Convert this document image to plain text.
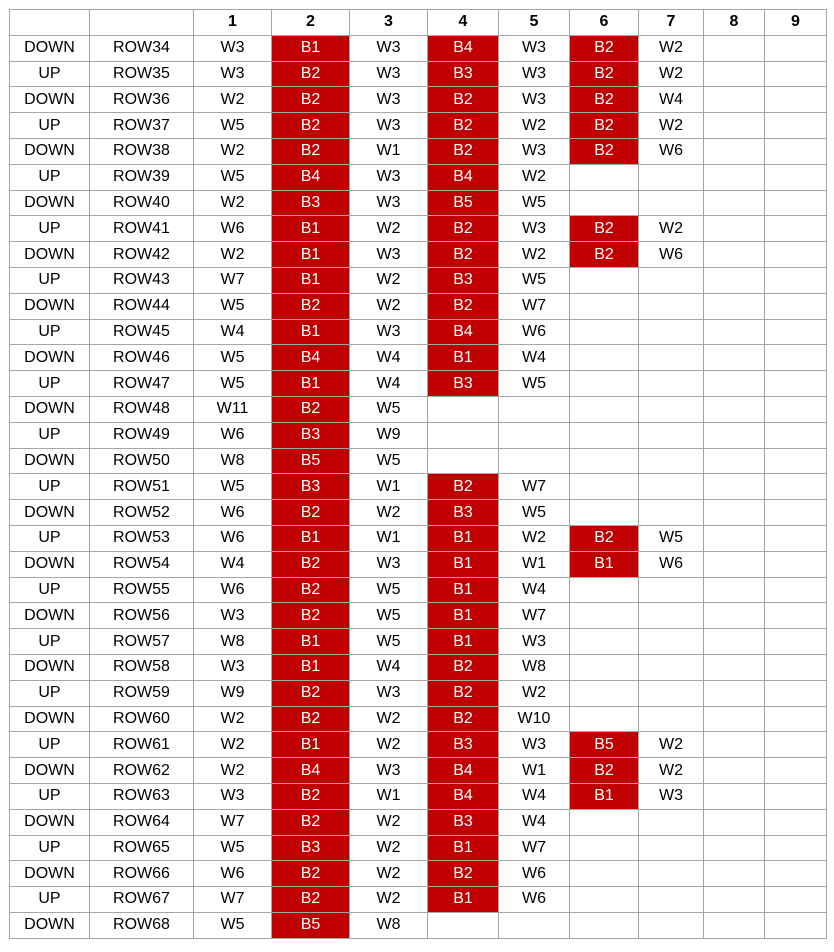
		1	2	3	4	5	6	7	8	9
DOWN	ROW34	W3	B1	W3	B4	W3	B2	W2		
UP	ROW35	W3	B2	W3	B3	W3	B2	W2		
DOWN	ROW36	W2	B2	W3	B2	W3	B2	W4		
UP	ROW37	W5	B2	W3	B2	W2	B2	W2		
DOWN	ROW38	W2	B2	W1	B2	W3	B2	W6		
UP	ROW39	W5	B4	W3	B4	W2				
DOWN	ROW40	W2	B3	W3	B5	W5				
UP	ROW41	W6	B1	W2	B2	W3	B2	W2		
DOWN	ROW42	W2	B1	W3	B2	W2	B2	W6		
UP	ROW43	W7	B1	W2	B3	W5				
DOWN	ROW44	W5	B2	W2	B2	W7				
UP	ROW45	W4	B1	W3	B4	W6				
DOWN	ROW46	W5	B4	W4	B1	W4				
UP	ROW47	W5	B1	W4	B3	W5				
DOWN	ROW48	W11	B2	W5						
UP	ROW49	W6	B3	W9						
DOWN	ROW50	W8	B5	W5						
UP	ROW51	W5	B3	W1	B2	W7				
DOWN	ROW52	W6	B2	W2	B3	W5				
UP	ROW53	W6	B1	W1	B1	W2	B2	W5		
DOWN	ROW54	W4	B2	W3	B1	W1	B1	W6		
UP	ROW55	W6	B2	W5	B1	W4				
DOWN	ROW56	W3	B2	W5	B1	W7				
UP	ROW57	W8	B1	W5	B1	W3				
DOWN	ROW58	W3	B1	W4	B2	W8				
UP	ROW59	W9	B2	W3	B2	W2				
DOWN	ROW60	W2	B2	W2	B2	W10				
UP	ROW61	W2	B1	W2	B3	W3	B5	W2		
DOWN	ROW62	W2	B4	W3	B4	W1	B2	W2		
UP	ROW63	W3	B2	W1	B4	W4	B1	W3		
DOWN	ROW64	W7	B2	W2	B3	W4				
UP	ROW65	W5	B3	W2	B1	W7				
DOWN	ROW66	W6	B2	W2	B2	W6				
UP	ROW67	W7	B2	W2	B1	W6				
DOWN	ROW68	W5	B5	W8						
